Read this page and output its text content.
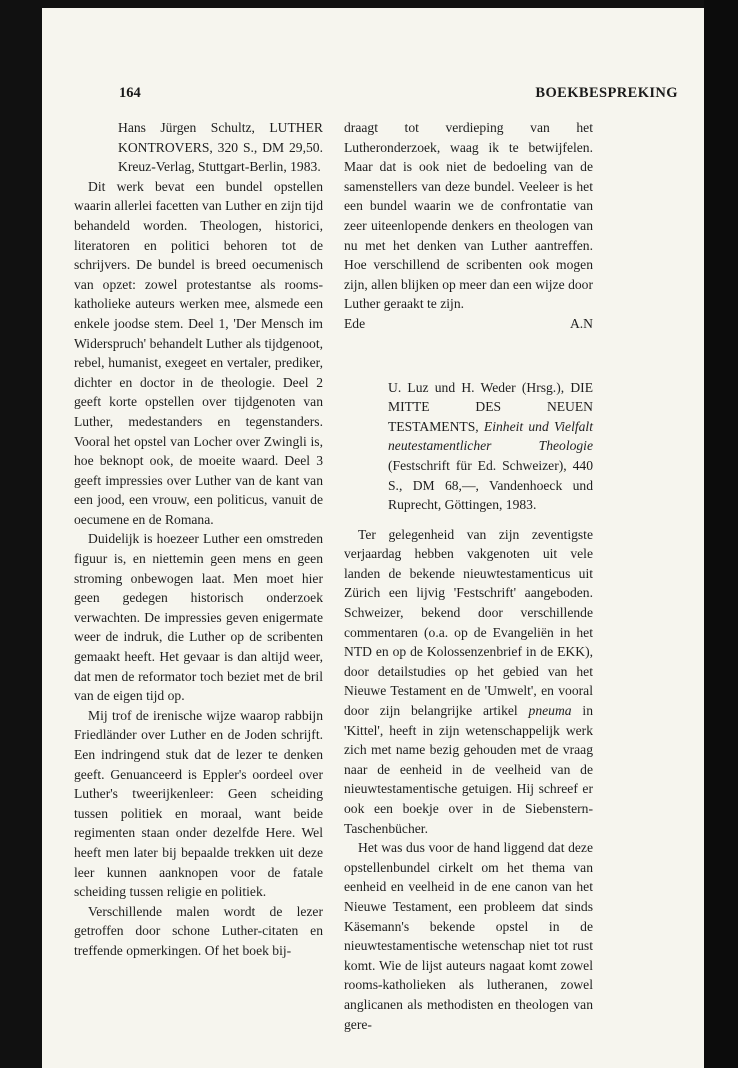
164	BOEKBESPREKING
Hans Jürgen Schultz, LUTHER KONTROVERS, 320 S., DM 29,50. Kreuz-Verlag, Stuttgart-Berlin, 1983.

Dit werk bevat een bundel opstellen waarin allerlei facetten van Luther en zijn tijd behandeld worden. Theologen, historici, literatoren en politici behoren tot de schrijvers. De bundel is breed oecumenisch van opzet: zowel protestantse als rooms-katholieke auteurs werken mee, alsmede een enkele joodse stem. Deel 1, 'Der Mensch im Widerspruch' behandelt Luther als tijdgenoot, rebel, humanist, exegeet en vertaler, prediker, dichter en doctor in de theologie. Deel 2 geeft korte opstellen over tijdgenoten van Luther, medestanders en tegenstanders. Vooral het opstel van Locher over Zwingli is, hoe beknopt ook, de moeite waard. Deel 3 geeft impressies over Luther van de kant van een jood, een vrouw, een politicus, vanuit de oecumene en de Romana.

Duidelijk is hoezeer Luther een omstreden figuur is, en niettemin geen mens en geen stroming onbewogen laat. Men moet hier geen gedegen historisch onderzoek verwachten. De impressies geven enigermate weer de indruk, die Luther op de scribenten gemaakt heeft. Het gevaar is dan altijd weer, dat men de reformator toch beziet met de bril van de eigen tijd op.

Mij trof de irenische wijze waarop rabbijn Friedländer over Luther en de Joden schrijft. Een indringend stuk dat de lezer te denken geeft. Genuanceerd is Eppler's oordeel over Luther's tweerijkenleer: Geen scheiding tussen politiek en moraal, want beide regimenten staan onder dezelfde Here. Wel heeft men later bij bepaalde trekken uit deze leer kunnen aanknopen voor de fatale scheiding tussen religie en politiek.

Verschillende malen wordt de lezer getroffen door schone Luther-citaten en treffende opmerkingen. Of het boek bij-

draagt tot verdieping van het Lutheronderzoek, waag ik te betwijfelen. Maar dat is ook niet de bedoeling van de samenstellers van deze bundel. Veeleer is het een bundel waarin we de confrontatie van zeer uiteenlopende denkers en theologen van nu met het denken van Luther aantreffen. Hoe verschillend de scribenten ook mogen zijn, allen blijken op meer dan een wijze door Luther geraakt te zijn.

Ede	A.N
U. Luz und H. Weder (Hrsg.), DIE MITTE DES NEUEN TESTAMENTS, Einheit und Vielfalt neutestamentlicher Theologie (Festschrift für Ed. Schweizer), 440 S., DM 68,—, Vandenhoeck und Ruprecht, Göttingen, 1983.

Ter gelegenheid van zijn zeventigste verjaardag hebben vakgenoten uit vele landen de bekende nieuwtestamenticus uit Zürich een lijvig 'Festschrift' aangeboden. Schweizer, bekend door verschillende commentaren (o.a. op de Evangeliën in het NTD en op de Kolossenzenbrief in de EKK), door detailstudies op het gebied van het Nieuwe Testament en de 'Umwelt', en vooral door zijn belangrijke artikel pneuma in 'Kittel', heeft in zijn wetenschappelijk werk zich met name bezig gehouden met de vraag naar de eenheid in de veelheid van de nieuwtestamentische getuigen. Hij schreef er ook een boekje over in de Siebenstern-Taschenbücher.

Het was dus voor de hand liggend dat deze opstellenbundel cirkelt om het thema van eenheid en veelheid in de ene canon van het Nieuwe Testament, een probleem dat sinds Käsemann's bekende opstel in de nieuwtestamentische wetenschap niet tot rust komt. Wie de lijst auteurs nagaat komt zowel rooms-katholieken als lutheranen, zowel anglicanen als methodisten en theologen van gere-
